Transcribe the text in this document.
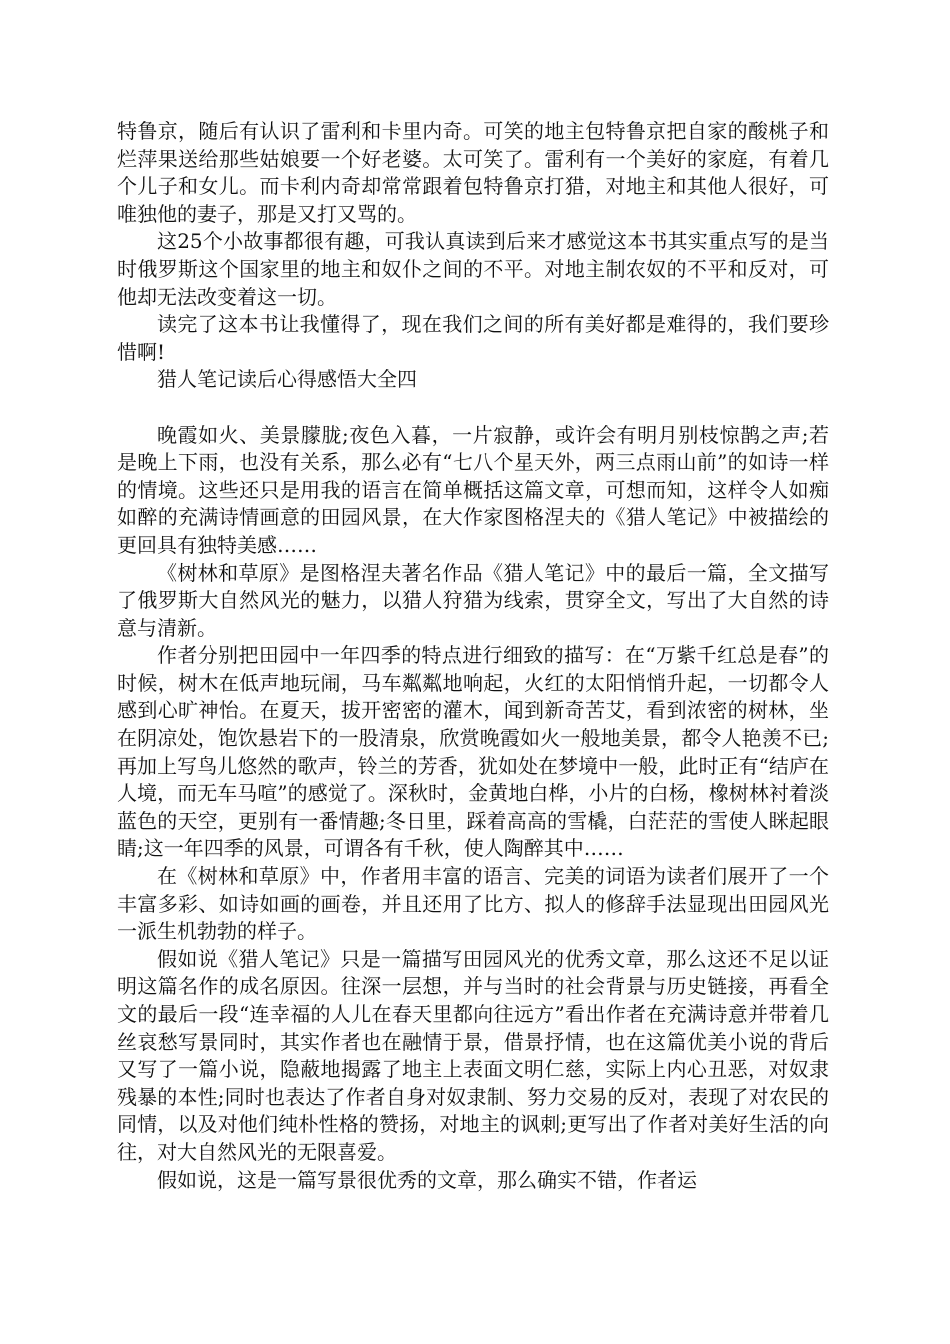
特鲁京，随后有认识了雷利和卡里内奇。可笑的地主包特鲁京把自家的酸桃子和烂萍果送给那些姑娘要一个好老婆。太可笑了。雷利有一个美好的家庭，有着几个儿子和女儿。而卡利内奇却常常跟着包特鲁京打猎，对地主和其他人很好，可唯独他的妻子，那是又打又骂的。

这25个小故事都很有趣，可我认真读到后来才感觉这本书其实重点写的是当时俄罗斯这个国家里的地主和奴仆之间的不平。对地主制农奴的不平和反对，可他却无法改变着这一切。

读完了这本书让我懂得了，现在我们之间的所有美好都是难得的，我们要珍惜啊!

猎人笔记读后心得感悟大全四

晚霞如火、美景朦胧;夜色入暮，一片寂静，或许会有明月别枝惊鹊之声;若是晚上下雨，也没有关系，那么必有“七八个星天外，两三点雨山前”的如诗一样的情境。这些还只是用我的语言在简单概括这篇文章，可想而知，这样令人如痴如醉的充满诗情画意的田园风景，在大作家图格涅夫的《猎人笔记》中被描绘的更回具有独特美感……

《树林和草原》是图格涅夫著名作品《猎人笔记》中的最后一篇，全文描写了俄罗斯大自然风光的魅力，以猎人狩猎为线索，贯穿全文，写出了大自然的诗意与清新。

作者分别把田园中一年四季的特点进行细致的描写：在“万紫千红总是春”的时候，树木在低声地玩闹，马车粼粼地响起，火红的太阳悄悄升起，一切都令人感到心旷神怡。在夏天，拔开密密的灌木，闻到新奇苦艾，看到浓密的树林，坐在阴凉处，饱饮悬岩下的一股清泉，欣赏晚霞如火一般地美景，都令人艳羡不已;再加上写鸟儿悠然的歌声，铃兰的芳香，犹如处在梦境中一般，此时正有“结庐在人境，而无车马喧”的感觉了。深秋时，金黄地白桦，小片的白杨，橡树林衬着淡蓝色的天空，更别有一番情趣;冬日里，踩着高高的雪橇，白茫茫的雪使人眯起眼睛;这一年四季的风景，可谓各有千秋，使人陶醉其中……

在《树林和草原》中，作者用丰富的语言、完美的词语为读者们展开了一个丰富多彩、如诗如画的画卷，并且还用了比方、拟人的修辞手法显现出田园风光一派生机勃勃的样子。

假如说《猎人笔记》只是一篇描写田园风光的优秀文章，那么这还不足以证明这篇名作的成名原因。往深一层想，并与当时的社会背景与历史链接，再看全文的最后一段“连幸福的人儿在春天里都向往远方”看出作者在充满诗意并带着几丝哀愁写景同时，其实作者也在融情于景，借景抒情，也在这篇优美小说的背后又写了一篇小说，隐蔽地揭露了地主上表面文明仁慈，实际上内心丑恶，对奴隶残暴的本性;同时也表达了作者自身对奴隶制、努力交易的反对，表现了对农民的同情，以及对他们纯朴性格的赞扬，对地主的讽刺;更写出了作者对美好生活的向往，对大自然风光的无限喜爱。

假如说，这是一篇写景很优秀的文章，那么确实不错，作者运
